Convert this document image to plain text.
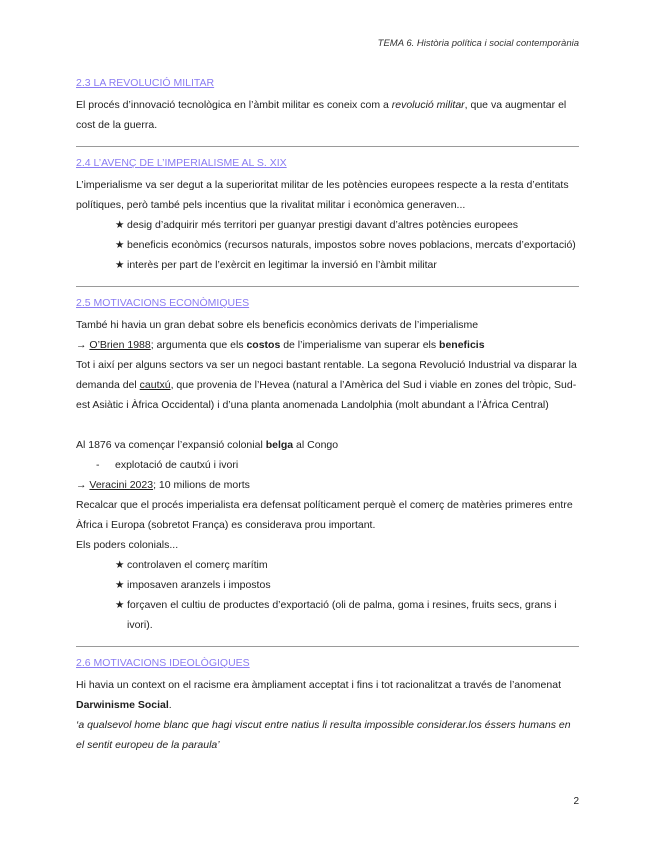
TEMA 6. Història política i social contemporània
2.3 LA REVOLUCIÓ MILITAR

El procés d’innovació tecnològica en l’àmbit militar es coneix com a revolució militar, que va augmentar el cost de la guerra.

2.4 L’AVENÇ DE L’IMPERIALISME AL S. XIX

L’imperialisme va ser degut a la superioritat militar de les potències europees respecte a la resta d’entitats polítiques, però també pels incentius que la rivalitat militar i econòmica generaven...

★ desig d’adquirir més territori per guanyar prestigi davant d’altres potències europees
★ beneficis econòmics (recursos naturals, impostos sobre noves poblacions, mercats d’exportació)
★ interès per part de l’exèrcit en legitimar la inversió en l’àmbit militar
2.5 MOTIVACIONS ECONÒMIQUES

També hi havia un gran debat sobre els beneficis econòmics derivats de l’imperialisme

→ O’Brien 1988; argumenta que els costos de l’imperialisme van superar els beneficis

Tot i així per alguns sectors va ser un negoci bastant rentable. La segona Revolució Industrial va disparar la demanda del cautxú, que provenia de l’Hevea (natural a l’Amèrica del Sud i viable en zones del tròpic, Sud-est Asiàtic i Àfrica Occidental) i d’una planta anomenada Landolphia (molt abundant a l’Àfrica Central)

Al 1876 va començar l’expansió colonial belga al Congo

- explotació de cautxú i ivori

→ Veracini 2023; 10 milions de morts

Recalcar que el procés imperialista era defensat políticament perquè el comerç de matèries primeres entre Àfrica i Europa (sobretot França) es considerava prou important.

Els poders colonials...

★ controlaven el comerç marítim
★ imposaven aranzels i impostos
★ forçaven el cultiu de productes d’exportació (oli de palma, goma i resines, fruits secs, grans i ivori).
2.6 MOTIVACIONS IDEOLÒGIQUES

Hi havia un context on el racisme era àmpliament acceptat i fins i tot racionalitzat a través de l’anomenat Darwinisme Social.

‘a qualsevol home blanc que hagi viscut entre natius li resulta impossible considerar.los éssers humans en el sentit europeu de la paraula’

2
